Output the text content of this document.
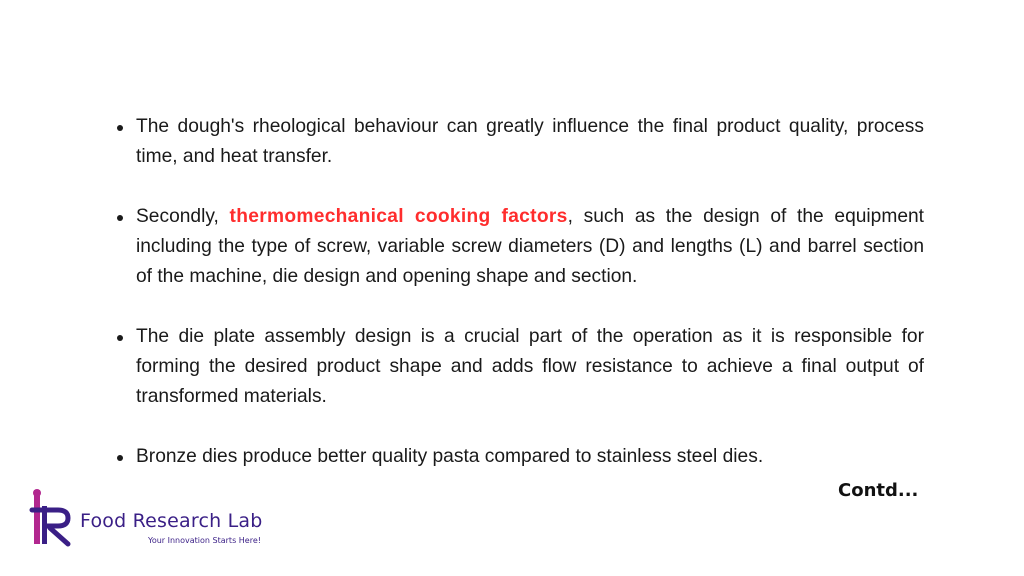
The dough's rheological behaviour can greatly influence the final product quality, process time, and heat transfer.
Secondly, thermomechanical cooking factors, such as the design of the equipment including the type of screw, variable screw diameters (D) and lengths (L) and barrel section of the machine, die design and opening shape and section.
The die plate assembly design is a crucial part of the operation as it is responsible for forming the desired product shape and adds flow resistance to achieve a final output of transformed materials.
Bronze dies produce better quality pasta compared to stainless steel dies.
Contd...
Food Research Lab
Your Innovation Starts Here!
